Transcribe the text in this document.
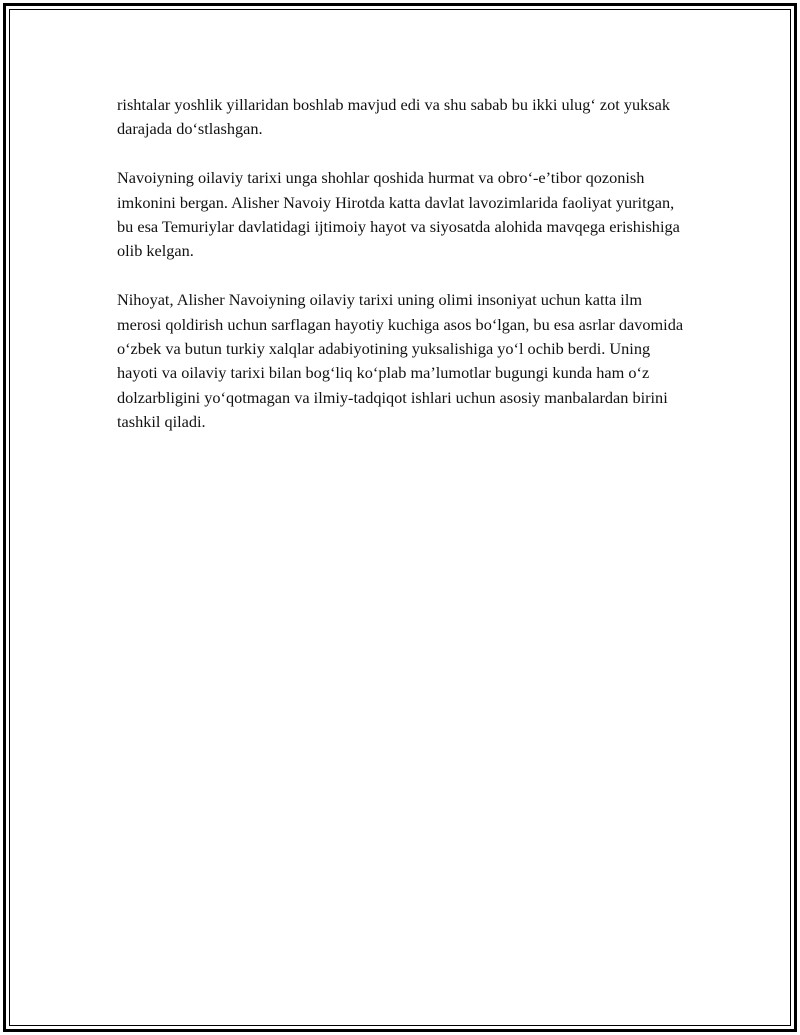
rishtalar yoshlik yillaridan boshlab mavjud edi va shu sabab bu ikki ulug‘ zot yuksak darajada do‘stlashgan.

Navoiyning oilaviy tarixi unga shohlar qoshida hurmat va obro‘-e’tibor qozonish imkonini bergan. Alisher Navoiy Hirotda katta davlat lavozimlarida faoliyat yuritgan, bu esa Temuriylar davlatidagi ijtimoiy hayot va siyosatda alohida mavqega erishishiga olib kelgan.

Nihoyat, Alisher Navoiyning oilaviy tarixi uning olimi insoniyat uchun katta ilm merosi qoldirish uchun sarflagan hayotiy kuchiga asos bo‘lgan, bu esa asrlar davomida o‘zbek va butun turkiy xalqlar adabiyotining yuksalishiga yo‘l ochib berdi. Uning hayoti va oilaviy tarixi bilan bog‘liq ko‘plab ma’lumotlar bugungi kunda ham o‘z dolzarbligini yo‘qotmagan va ilmiy-tadqiqot ishlari uchun asosiy manbalardan birini tashkil qiladi.
